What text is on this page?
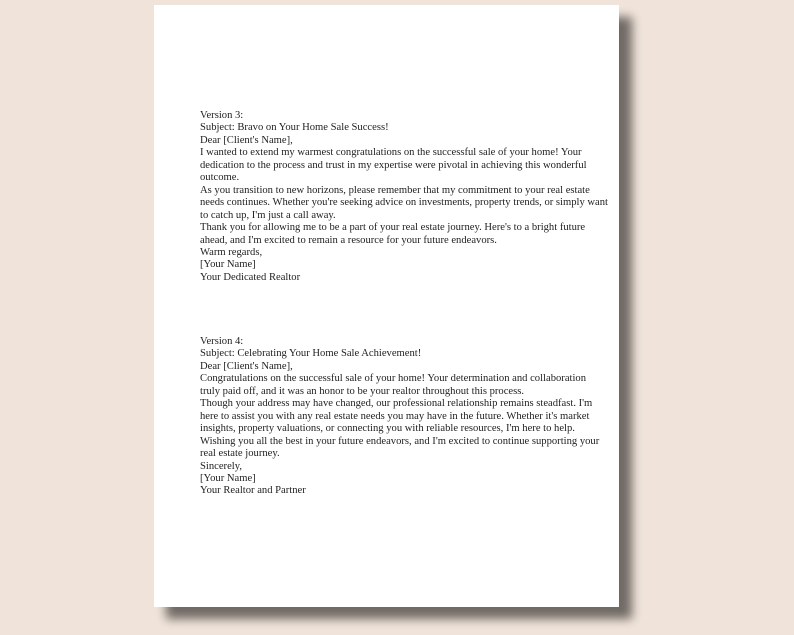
Version 3:
Subject: Bravo on Your Home Sale Success!
Dear [Client's Name],
I wanted to extend my warmest congratulations on the successful sale of your home! Your
dedication to the process and trust in my expertise were pivotal in achieving this wonderful
outcome.
As you transition to new horizons, please remember that my commitment to your real estate
needs continues. Whether you're seeking advice on investments, property trends, or simply want
to catch up, I'm just a call away.
Thank you for allowing me to be a part of your real estate journey. Here's to a bright future
ahead, and I'm excited to remain a resource for your future endeavors.
Warm regards,
[Your Name]
Your Dedicated Realtor
Version 4:
Subject: Celebrating Your Home Sale Achievement!
Dear [Client's Name],
Congratulations on the successful sale of your home! Your determination and collaboration
truly paid off, and it was an honor to be your realtor throughout this process.
Though your address may have changed, our professional relationship remains steadfast. I'm
here to assist you with any real estate needs you may have in the future. Whether it's market
insights, property valuations, or connecting you with reliable resources, I'm here to help.
Wishing you all the best in your future endeavors, and I'm excited to continue supporting your
real estate journey.
Sincerely,
[Your Name]
Your Realtor and Partner
